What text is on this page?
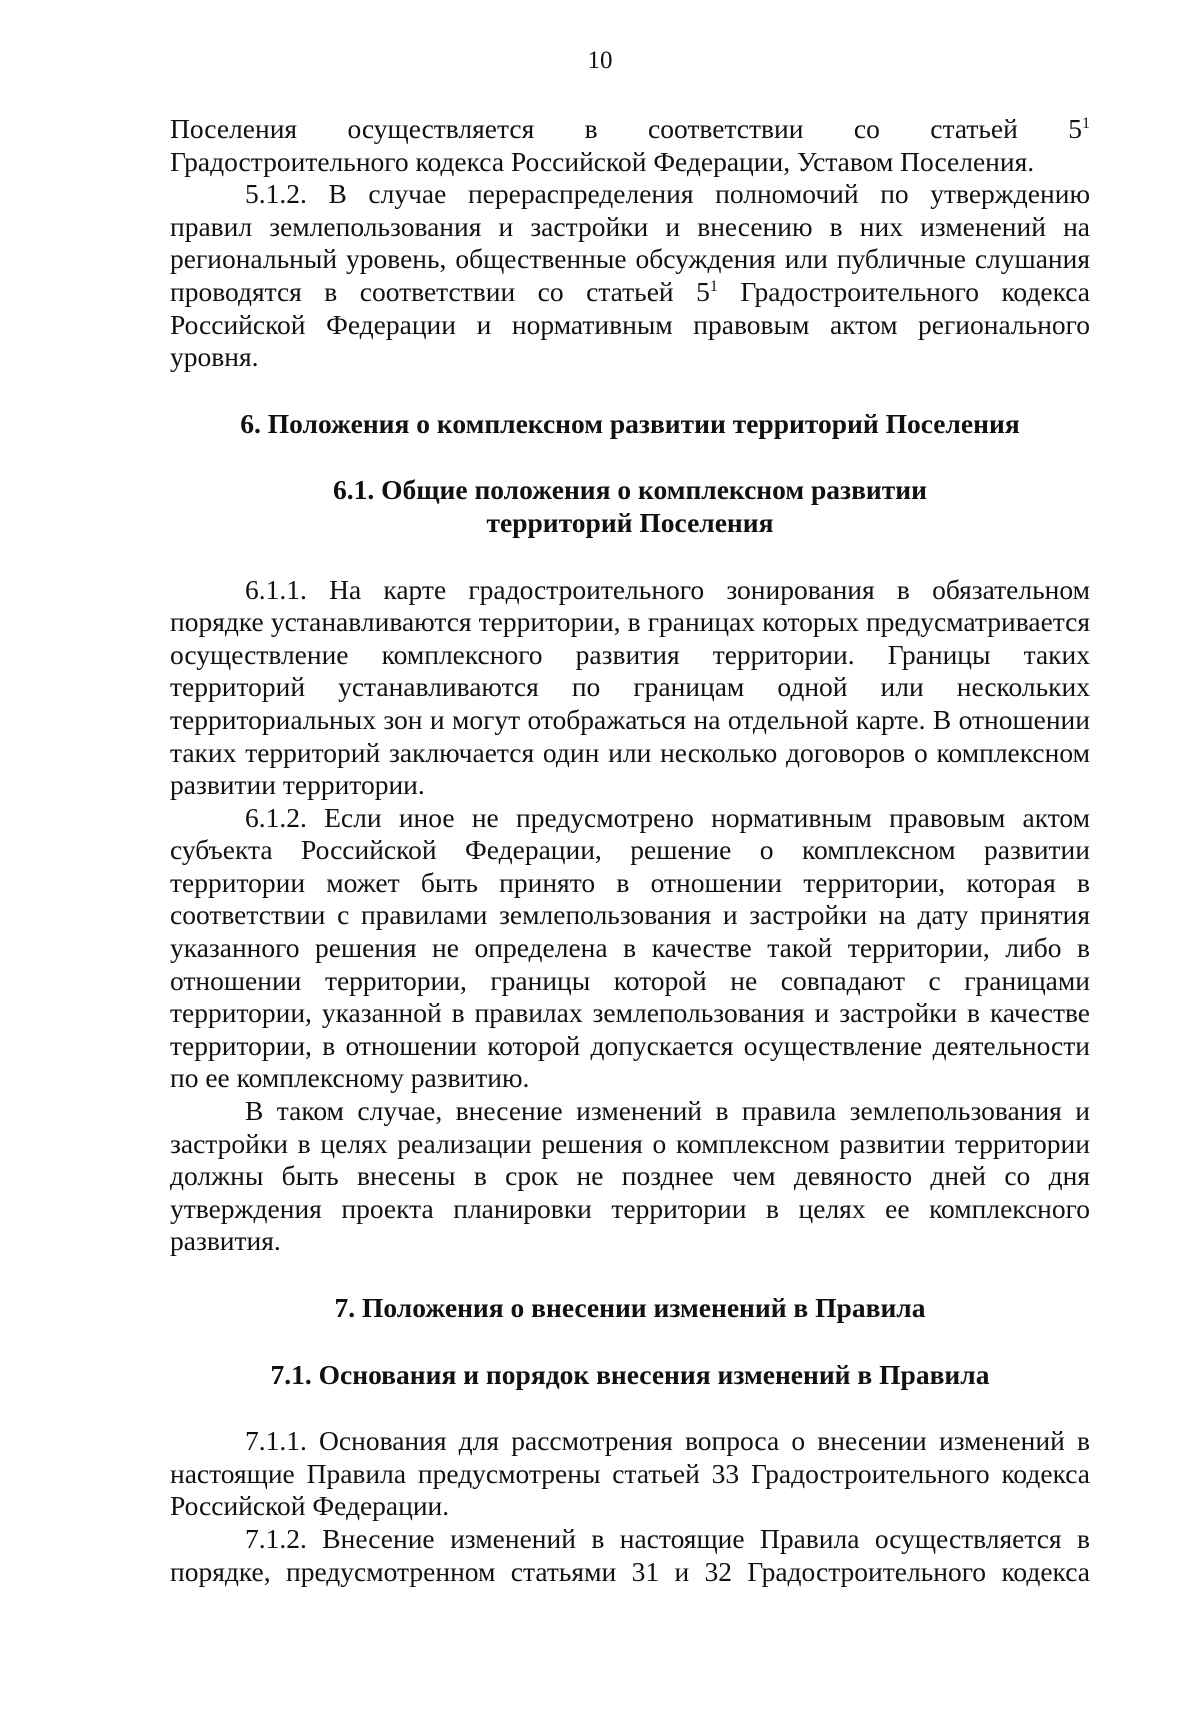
10

Поселения осуществляется в соответствии со статьей $5^1$

Градостроительного кодекса Российской Федерации, Уставом Поселения.

5.1.2. В случае перераспределения полномочий по утверждению правил землепользования и застройки и внесению в них изменений на региональный уровень, общественные обсуждения или публичные слушания проводятся в соответствии со статьей $5^1$ Градостроительного кодекса Российской Федерации и нормативным правовым актом регионального уровня.

6. Положения о комплексном развитии территорий Поселения

6.1. Общие положения о комплексном развитии

территорий Поселения

6.1.1. На карте градостроительного зонирования в обязательном порядке устанавливаются территории, в границах которых предусматривается осуществление комплексного развития территории. Границы таких территорий устанавливаются по границам одной или нескольких территориальных зон и могут отображаться на отдельной карте. В отношении таких территорий заключается один или несколько договоров о комплексном развитии территории.

6.1.2. Если иное не предусмотрено нормативным правовым актом субъекта Российской Федерации, решение о комплексном развитии территории может быть принято в отношении территории, которая в соответствии с правилами землепользования и застройки на дату принятия указанного решения не определена в качестве такой территории, либо в отношении территории, границы которой не совпадают с границами территории, указанной в правилах землепользования и застройки в качестве территории, в отношении которой допускается осуществление деятельности по ее комплексному развитию.

В таком случае, внесение изменений в правила землепользования и застройки в целях реализации решения о комплексном развитии территории должны быть внесены в срок не позднее чем девяносто дней со дня утверждения проекта планировки территории в целях ее комплексного развития.

7. Положения о внесении изменений в Правила

7.1. Основания и порядок внесения изменений в Правила

7.1.1. Основания для рассмотрения вопроса о внесении изменений в настоящие Правила предусмотрены статьей 33 Градостроительного кодекса Российской Федерации.

7.1.2. Внесение изменений в настоящие Правила осуществляется в порядке, предусмотренном статьями 31 и 32 Градостроительного кодекса
